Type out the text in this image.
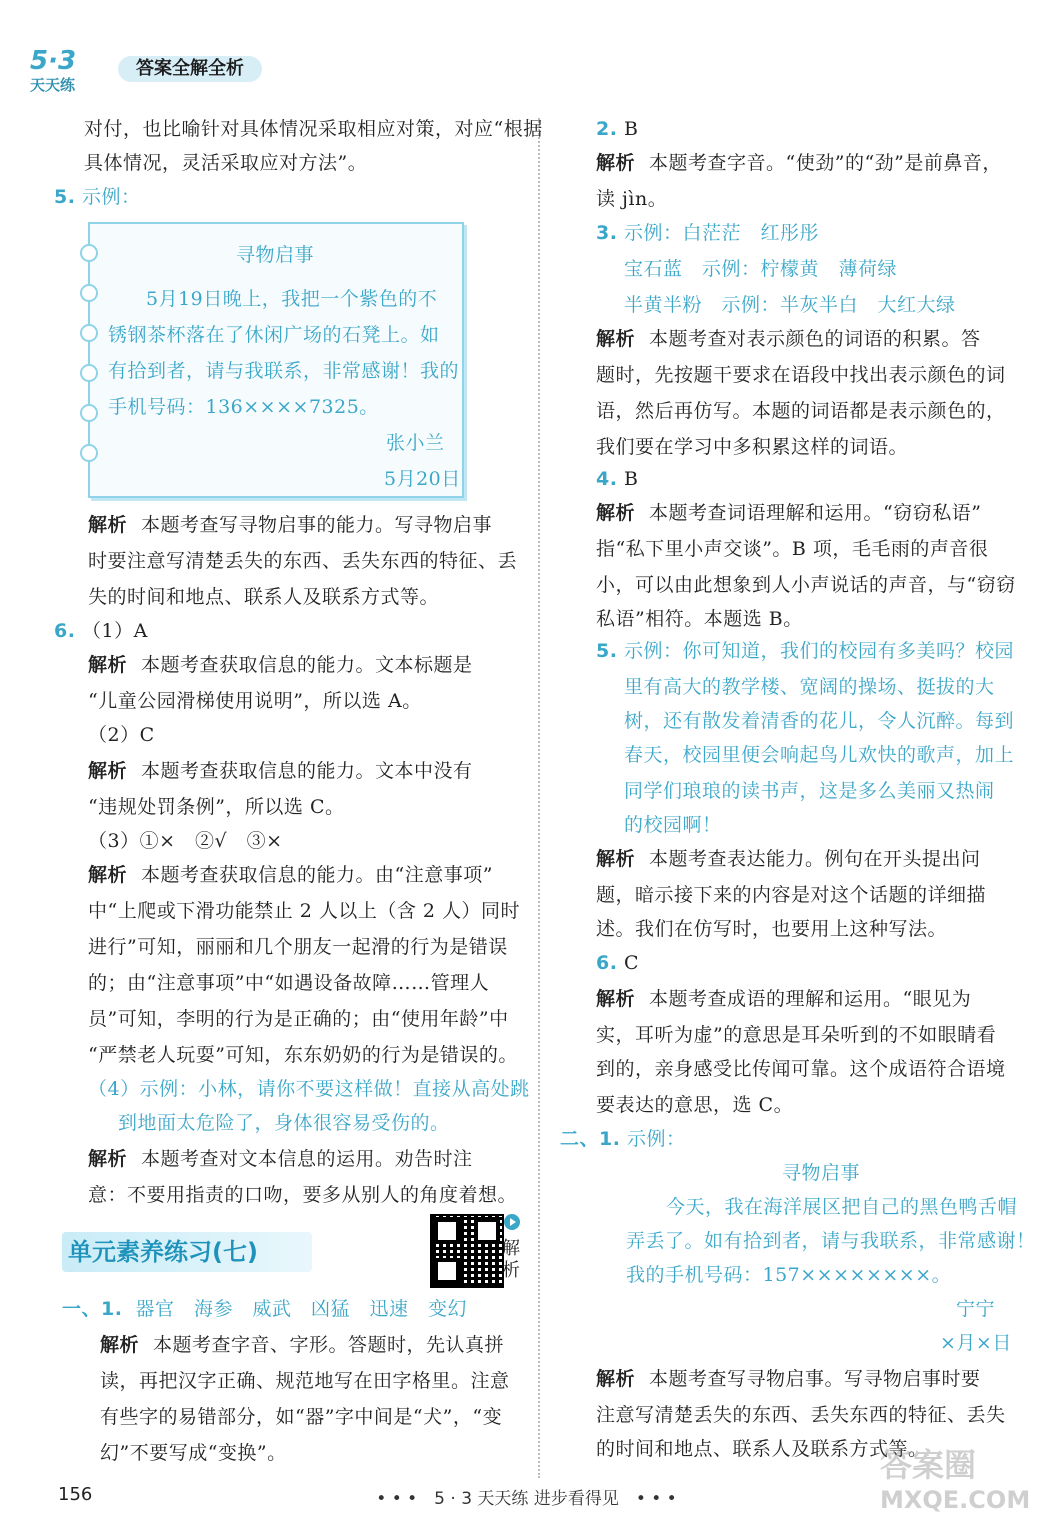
5·3
天天练
答案全解全析
对付，也比喻针对具体情况采取相应对策，对应“根据
具体情况，灵活采取应对方法”。
5. 示例：
寻物启事
5月19日晚上，我把一个紫色的不
锈钢茶杯落在了休闲广场的石凳上。如
有拾到者，请与我联系，非常感谢！我的
手机号码：136××××7325。
张小兰
5月20日
解析 本题考查写寻物启事的能力。写寻物启事
时要注意写清楚丢失的东西、丢失东西的特征、丢
失的时间和地点、联系人及联系方式等。
6. （1）A
解析 本题考查获取信息的能力。文本标题是
“儿童公园滑梯使用说明”，所以选 A。
（2）C
解析 本题考查获取信息的能力。文本中没有
“违规处罚条例”，所以选 C。
（3）①×　②√　③×
解析 本题考查获取信息的能力。由“注意事项”
中“上爬或下滑功能禁止 2 人以上（含 2 人）同时
进行”可知，丽丽和几个朋友一起滑的行为是错误
的；由“注意事项”中“如遇设备故障……管理人
员”可知，李明的行为是正确的；由“使用年龄”中
“严禁老人玩耍”可知，东东奶奶的行为是错误的。
（4）示例：小林，请你不要这样做！直接从高处跳
到地面太危险了，身体很容易受伤的。
解析 本题考查对文本信息的运用。劝告时注
意：不要用指责的口吻，要多从别人的角度着想。
单元素养练习(七)	解析
一、1. 器官　海参　威武　凶猛　迅速　变幻
解析 本题考查字音、字形。答题时，先认真拼
读，再把汉字正确、规范地写在田字格里。注意
有些字的易错部分，如“器”字中间是“犬”，“变
幻”不要写成“变换”。
2. B
解析 本题考查字音。“使劲”的“劲”是前鼻音，
读 jìn。
3. 示例：白茫茫　红彤彤
宝石蓝　示例：柠檬黄　薄荷绿
半黄半粉　示例：半灰半白　大红大绿
解析 本题考查对表示颜色的词语的积累。答
题时，先按题干要求在语段中找出表示颜色的词
语，然后再仿写。本题的词语都是表示颜色的，
我们要在学习中多积累这样的词语。
4. B
解析 本题考查词语理解和运用。“窃窃私语”
指“私下里小声交谈”。B 项，毛毛雨的声音很
小，可以由此想象到人小声说话的声音，与“窃窃
私语”相符。本题选 B。
5. 示例：你可知道，我们的校园有多美吗？校园
里有高大的教学楼、宽阔的操场、挺拔的大
树，还有散发着清香的花儿，令人沉醉。每到
春天，校园里便会响起鸟儿欢快的歌声，加上
同学们琅琅的读书声，这是多么美丽又热闹
的校园啊！
解析 本题考查表达能力。例句在开头提出问
题，暗示接下来的内容是对这个话题的详细描
述。我们在仿写时，也要用上这种写法。
6. C
解析 本题考查成语的理解和运用。“眼见为
实，耳听为虚”的意思是耳朵听到的不如眼睛看
到的，亲身感受比传闻可靠。这个成语符合语境
要表达的意思，选 C。
二、1. 示例：
寻物启事
今天，我在海洋展区把自己的黑色鸭舌帽
弄丢了。如有拾到者，请与我联系，非常感谢！
我的手机号码：157××××××××。
宁宁
×月×日
解析 本题考查写寻物启事。写寻物启事时要
注意写清楚丢失的东西、丢失东西的特征、丢失
的时间和地点、联系人及联系方式等。
156	• • •　5 · 3 天天练 进步看得见　• • •
答案圈
MXQE.COM
